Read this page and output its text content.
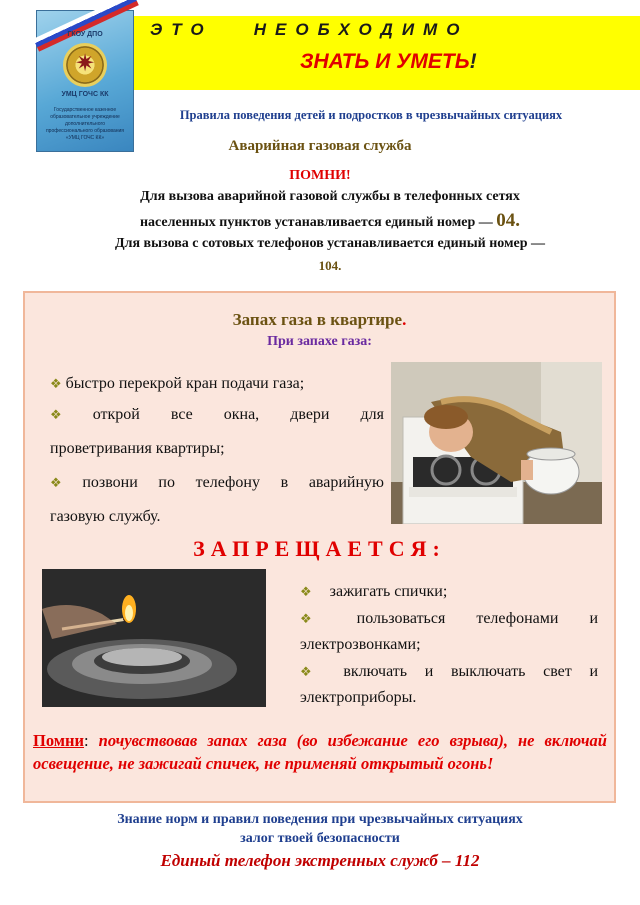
ГКОУ ДПО
✷
УМЦ ГОЧС КК
Государственное казенное образовательное учреждение дополнительного профессионального образования «УМЦ ГОЧС КК»
ЭТО   НЕОБХОДИМО
ЗНАТЬ И УМЕТЬ!
Правила поведения детей и подростков в чрезвычайных ситуациях
Аварийная газовая служба
ПОМНИ!
Для вызова аварийной газовой службы в телефонных сетях
населенных пунктов устанавливается единый номер — 04.
Для вызова с сотовых телефонов устанавливается единый номер —
104.
Запах газа в квартире.
При запахе газа:
❖ быстро перекрой кран подачи газа;
❖ открой все окна, двери для
проветривания квартиры;
❖ позвони по телефону в аварийную
газовую службу.
ЗАПРЕЩАЕТСЯ:
❖ зажигать спички;
❖ пользоваться телефонами и
электрозвонками;
❖ включать и выключать свет и
электроприборы.
Помни: почувствовав запах газа (во избежание его взрыва), не включай освещение, не зажигай спичек, не применяй открытый огонь!
Знание норм и правил поведения при чрезвычайных ситуациях
залог твоей безопасности
Единый телефон экстренных служб – 112
